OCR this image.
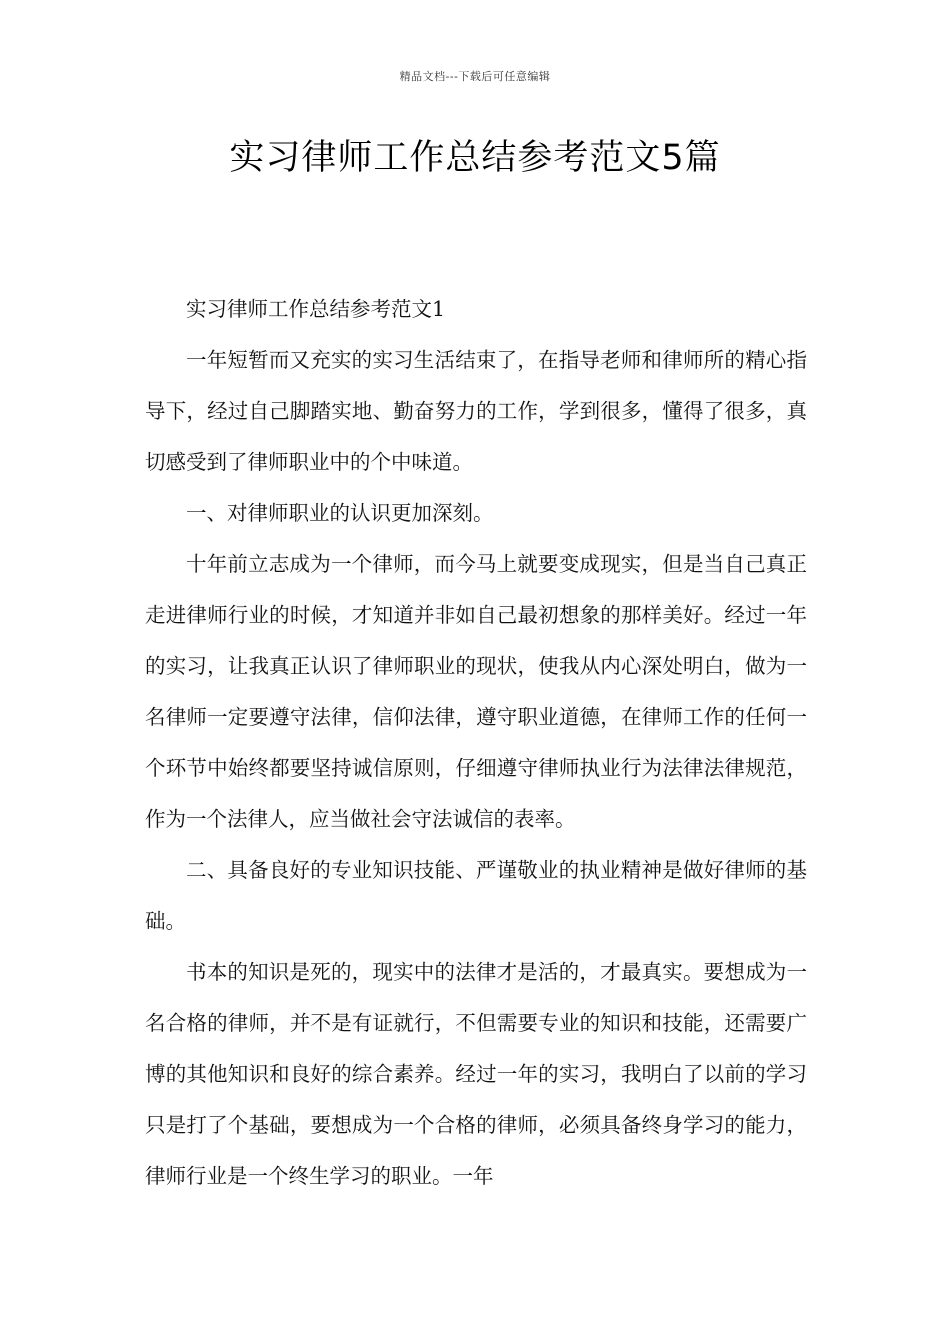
精品文档---下载后可任意编辑
实习律师工作总结参考范文5篇

实习律师工作总结参考范文1

一年短暂而又充实的实习生活结束了，在指导老师和律师所的精心指导下，经过自己脚踏实地、勤奋努力的工作，学到很多，懂得了很多，真切感受到了律师职业中的个中味道。

一、对律师职业的认识更加深刻。

十年前立志成为一个律师，而今马上就要变成现实，但是当自己真正走进律师行业的时候，才知道并非如自己最初想象的那样美好。经过一年的实习，让我真正认识了律师职业的现状，使我从内心深处明白，做为一名律师一定要遵守法律，信仰法律，遵守职业道德，在律师工作的任何一个环节中始终都要坚持诚信原则，仔细遵守律师执业行为法律法律规范，作为一个法律人，应当做社会守法诚信的表率。

二、具备良好的专业知识技能、严谨敬业的执业精神是做好律师的基础。

书本的知识是死的，现实中的法律才是活的，才最真实。要想成为一名合格的律师，并不是有证就行，不但需要专业的知识和技能，还需要广博的其他知识和良好的综合素养。经过一年的实习，我明白了以前的学习只是打了个基础，要想成为一个合格的律师，必须具备终身学习的能力，律师行业是一个终生学习的职业。一年
